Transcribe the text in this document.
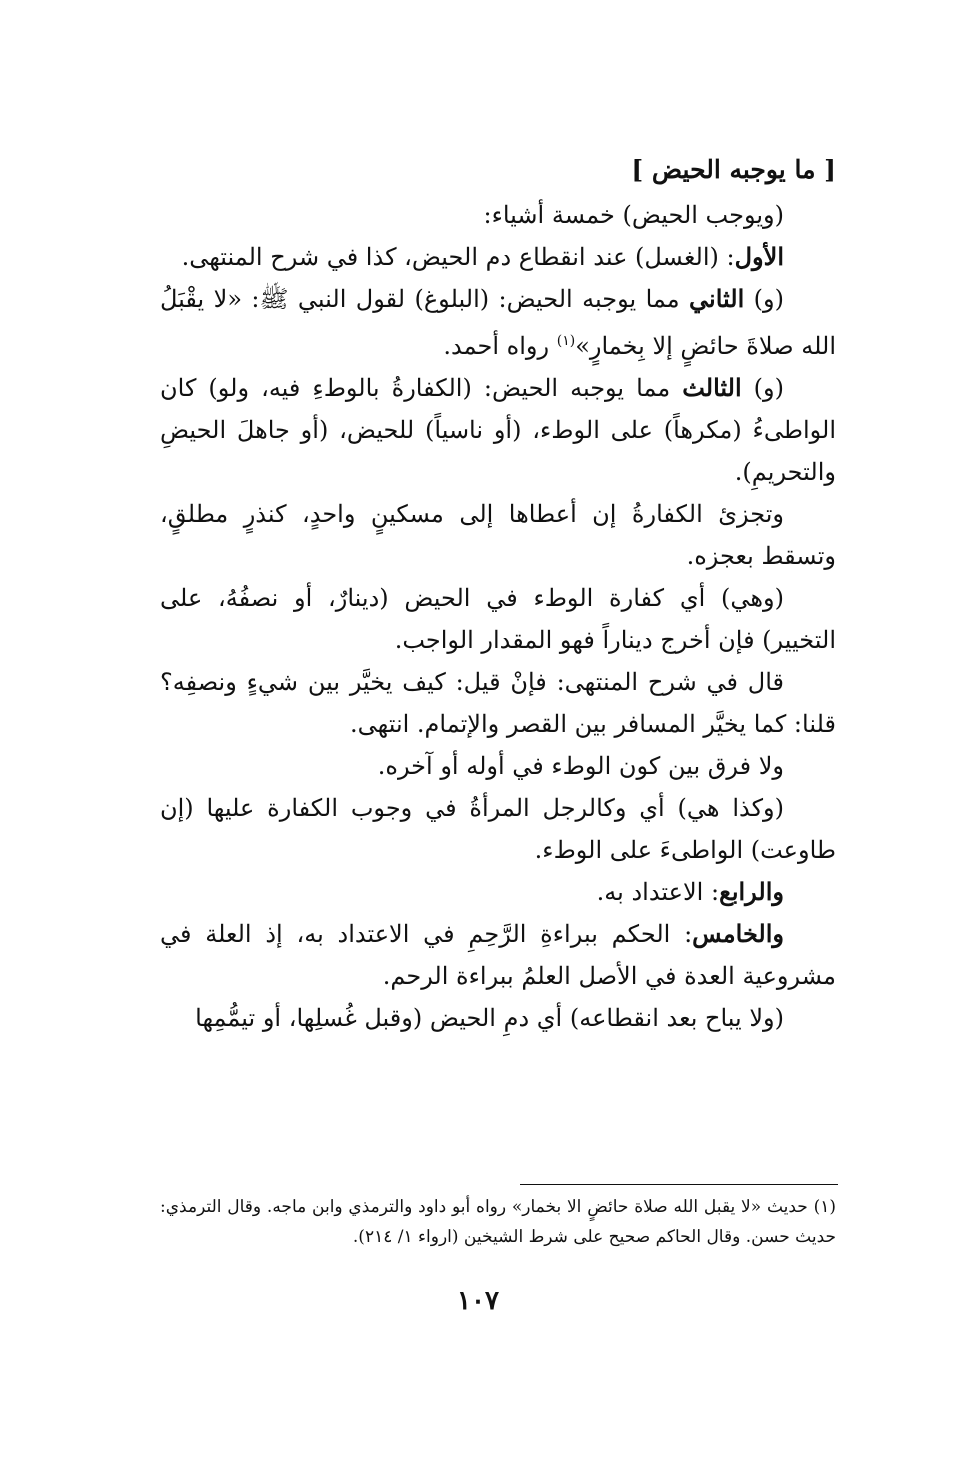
[ ما يوجبه الحيض ]

(ويوجب الحيض) خمسة أشياء:

الأول: (الغسل) عند انقطاع دم الحيض، كذا في شرح المنتهى.

(و) الثاني مما يوجبه الحيض: (البلوغ) لقول النبي ﷺ: «لا يقْبَلُ الله صلاةَ حائضٍ إلا بِخمارٍ»$^{(١)}$ رواه أحمد.

(و) الثالث مما يوجبه الحيض: (الكفارةُ بالوطءِ فيه، ولو) كان الواطىءُ (مكرهاً) على الوطء، (أو ناسياً) للحيض، (أو جاهلَ الحيضِ والتحريمِ).

وتجزئ الكفارةُ إن أعطاها إلى مسكينٍ واحدٍ، كنذرٍ مطلقٍ، وتسقط بعجزه.

(وهي) أي كفارة الوطء في الحيض (دينارٌ، أو نصفُهُ، على التخيير) فإن أخرج ديناراً فهو المقدار الواجب.

قال في شرح المنتهى: فإنْ قيل: كيف يخيَّر بين شيءٍ ونصفِه؟ قلنا: كما يخيَّر المسافر بين القصر والإتمام. انتهى.

ولا فرق بين كون الوطء في أوله أو آخره.

(وكذا هي) أي وكالرجل المرأةُ في وجوب الكفارة عليها (إن طاوعت) الواطىءَ على الوطء.

والرابع: الاعتداد به.

والخامس: الحكم ببراءةِ الرَّحِمِ في الاعتداد به، إذ العلة في مشروعية العدة في الأصل العلمُ ببراءة الرحم.

(ولا يباح بعد انقطاعه) أي دمِ الحيض (وقبل غُسلِها، أو تيمُّمِها

(١) حديث «لا يقبل الله صلاة حائضٍ الا بخمار» رواه أبو داود والترمذي وابن ماجه. وقال الترمذي: حديث حسن. وقال الحاكم صحيح على شرط الشيخين (ارواء ١/ ٢١٤).
١٠٧
